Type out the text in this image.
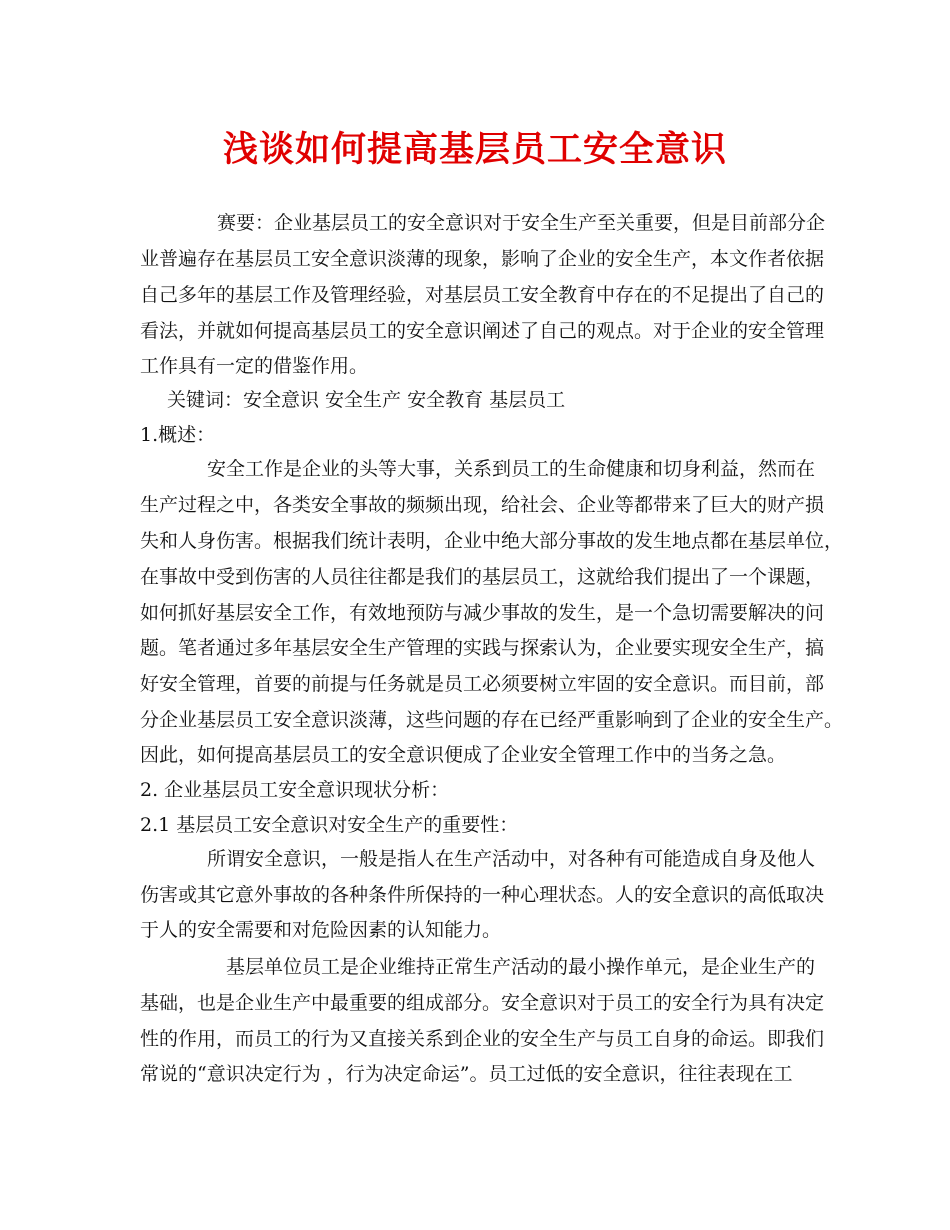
浅谈如何提高基层员工安全意识
赛要：企业基层员工的安全意识对于安全生产至关重要，但是目前部分企
业普遍存在基层员工安全意识淡薄的现象，影响了企业的安全生产，本文作者依据
自己多年的基层工作及管理经验，对基层员工安全教育中存在的不足提出了自己的
看法，并就如何提高基层员工的安全意识阐述了自己的观点。对于企业的安全管理
工作具有一定的借鉴作用。
关键词：安全意识 安全生产 安全教育 基层员工
1.概述：
安全工作是企业的头等大事，关系到员工的生命健康和切身利益，然而在
生产过程之中，各类安全事故的频频出现，给社会、企业等都带来了巨大的财产损
失和人身伤害。根据我们统计表明，企业中绝大部分事故的发生地点都在基层单位，
在事故中受到伤害的人员往往都是我们的基层员工，这就给我们提出了一个课题，
如何抓好基层安全工作，有效地预防与减少事故的发生，是一个急切需要解决的问
题。笔者通过多年基层安全生产管理的实践与探索认为，企业要实现安全生产，搞
好安全管理，首要的前提与任务就是员工必须要树立牢固的安全意识。而目前，部
分企业基层员工安全意识淡薄，这些问题的存在已经严重影响到了企业的安全生产。
因此，如何提高基层员工的安全意识便成了企业安全管理工作中的当务之急。
2. 企业基层员工安全意识现状分析：
2.1 基层员工安全意识对安全生产的重要性：
所谓安全意识，一般是指人在生产活动中，对各种有可能造成自身及他人
伤害或其它意外事故的各种条件所保持的一种心理状态。人的安全意识的高低取决
于人的安全需要和对危险因素的认知能力。
基层单位员工是企业维持正常生产活动的最小操作单元，是企业生产的
基础，也是企业生产中最重要的组成部分。安全意识对于员工的安全行为具有决定
性的作用，而员工的行为又直接关系到企业的安全生产与员工自身的命运。即我们
常说的“意识决定行为 ，行为决定命运”。员工过低的安全意识，往往表现在工
